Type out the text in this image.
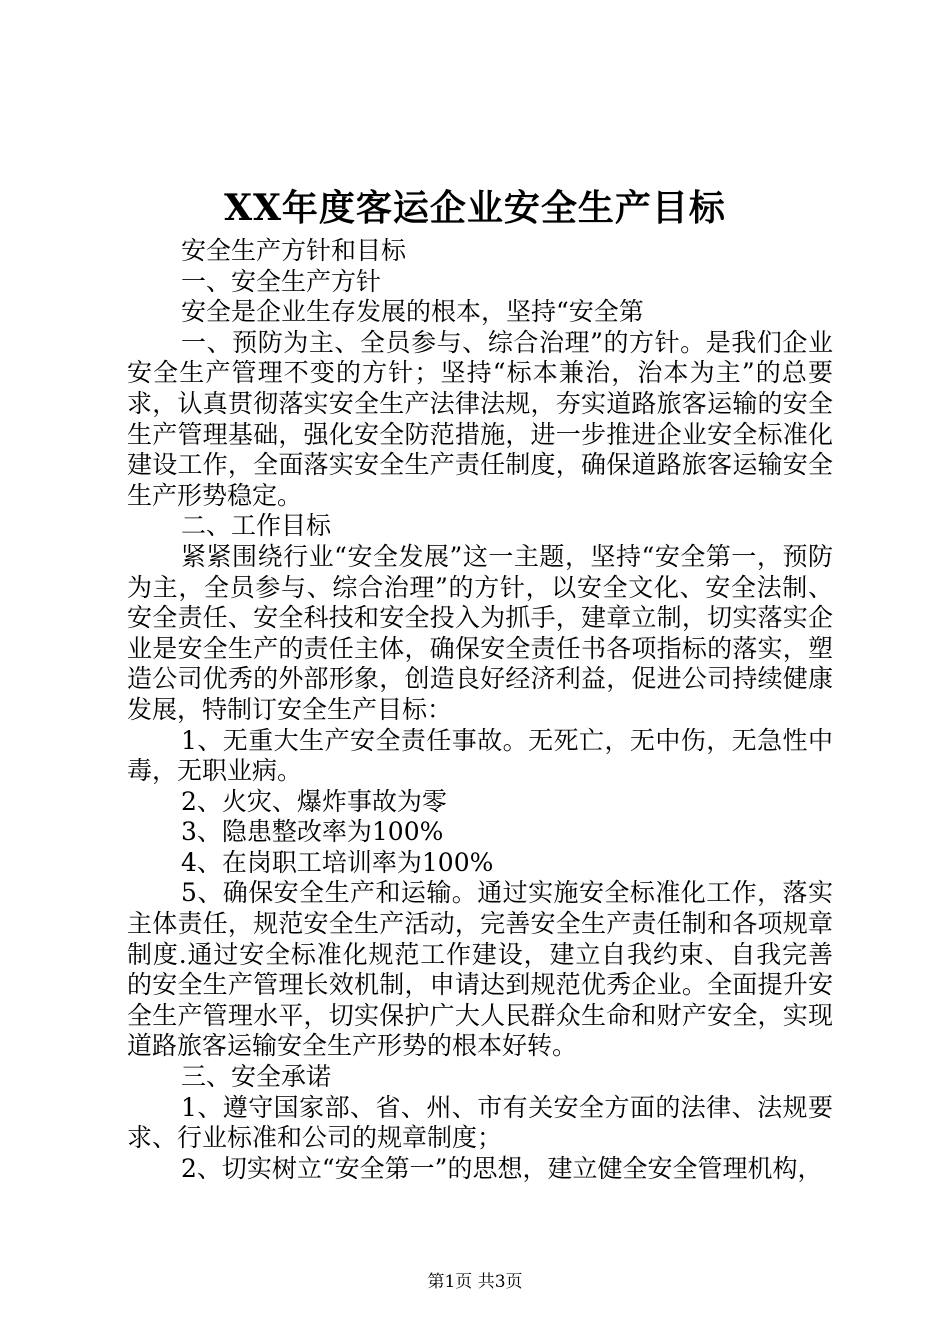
XX年度客运企业安全生产目标

安全生产方针和目标

一、安全生产方针

安全是企业生存发展的根本，坚持“安全第

一、预防为主、全员参与、综合治理”的方针。是我们企业安全生产管理不变的方针；坚持“标本兼治，治本为主”的总要求，认真贯彻落实安全生产法律法规，夯实道路旅客运输的安全生产管理基础，强化安全防范措施，进一步推进企业安全标准化建设工作，全面落实安全生产责任制度，确保道路旅客运输安全生产形势稳定。

二、工作目标

紧紧围绕行业“安全发展”这一主题，坚持“安全第一，预防为主，全员参与、综合治理”的方针，以安全文化、安全法制、安全责任、安全科技和安全投入为抓手，建章立制，切实落实企业是安全生产的责任主体，确保安全责任书各项指标的落实，塑造公司优秀的外部形象，创造良好经济利益，促进公司持续健康发展，特制订安全生产目标：

1、无重大生产安全责任事故。无死亡，无中伤，无急性中毒，无职业病。

2、火灾、爆炸事故为零

3、隐患整改率为100%

4、在岗职工培训率为100%

5、确保安全生产和运输。通过实施安全标准化工作，落实主体责任，规范安全生产活动，完善安全生产责任制和各项规章制度.通过安全标准化规范工作建设，建立自我约束、自我完善的安全生产管理长效机制，申请达到规范优秀企业。全面提升安全生产管理水平，切实保护广大人民群众生命和财产安全，实现道路旅客运输安全生产形势的根本好转。

三、安全承诺

1、遵守国家部、省、州、市有关安全方面的法律、法规要求、行业标准和公司的规章制度；

2、切实树立“安全第一”的思想，建立健全安全管理机构，

第1页 共3页
